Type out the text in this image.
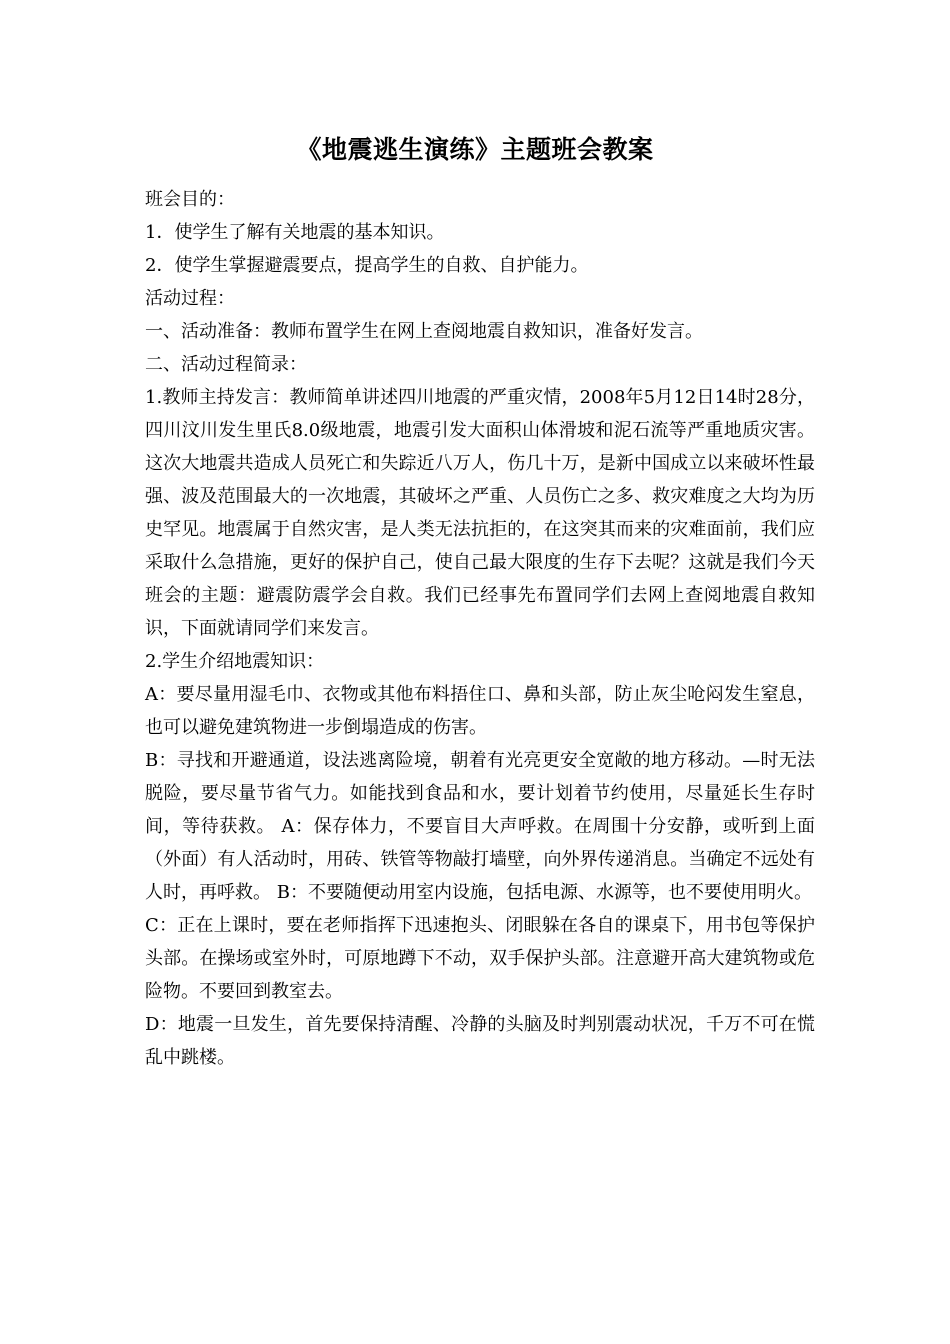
《地震逃生演练》主题班会教案

班会目的：

1．使学生了解有关地震的基本知识。

2．使学生掌握避震要点，提高学生的自救、自护能力。

活动过程：

一、活动准备：教师布置学生在网上查阅地震自救知识，准备好发言。

二、活动过程简录：

1.教师主持发言：教师简单讲述四川地震的严重灾情，2008年5月12日14时28分，四川汶川发生里氏8.0级地震，地震引发大面积山体滑坡和泥石流等严重地质灾害。这次大地震共造成人员死亡和失踪近八万人，伤几十万，是新中国成立以来破坏性最强、波及范围最大的一次地震，其破坏之严重、人员伤亡之多、救灾难度之大均为历史罕见。地震属于自然灾害，是人类无法抗拒的，在这突其而来的灾难面前，我们应采取什么急措施，更好的保护自己，使自己最大限度的生存下去呢？这就是我们今天班会的主题：避震防震学会自救。我们已经事先布置同学们去网上查阅地震自救知识，下面就请同学们来发言。

2.学生介绍地震知识：

A：要尽量用湿毛巾、衣物或其他布料捂住口、鼻和头部，防止灰尘呛闷发生窒息，也可以避免建筑物进一步倒塌造成的伤害。

B：寻找和开避通道，设法逃离险境，朝着有光亮更安全宽敞的地方移动。—时无法脱险，要尽量节省气力。如能找到食品和水，要计划着节约使用，尽量延长生存时间，等待获救。 A：保存体力，不要盲目大声呼救。在周围十分安静，或听到上面（外面）有人活动时，用砖、铁管等物敲打墙壁，向外界传递消息。当确定不远处有人时，再呼救。 B：不要随便动用室内设施，包括电源、水源等，也不要使用明火。

C：正在上课时，要在老师指挥下迅速抱头、闭眼躲在各自的课桌下，用书包等保护头部。在操场或室外时，可原地蹲下不动，双手保护头部。注意避开高大建筑物或危险物。不要回到教室去。

D：地震一旦发生，首先要保持清醒、冷静的头脑及时判别震动状况，千万不可在慌乱中跳楼。
